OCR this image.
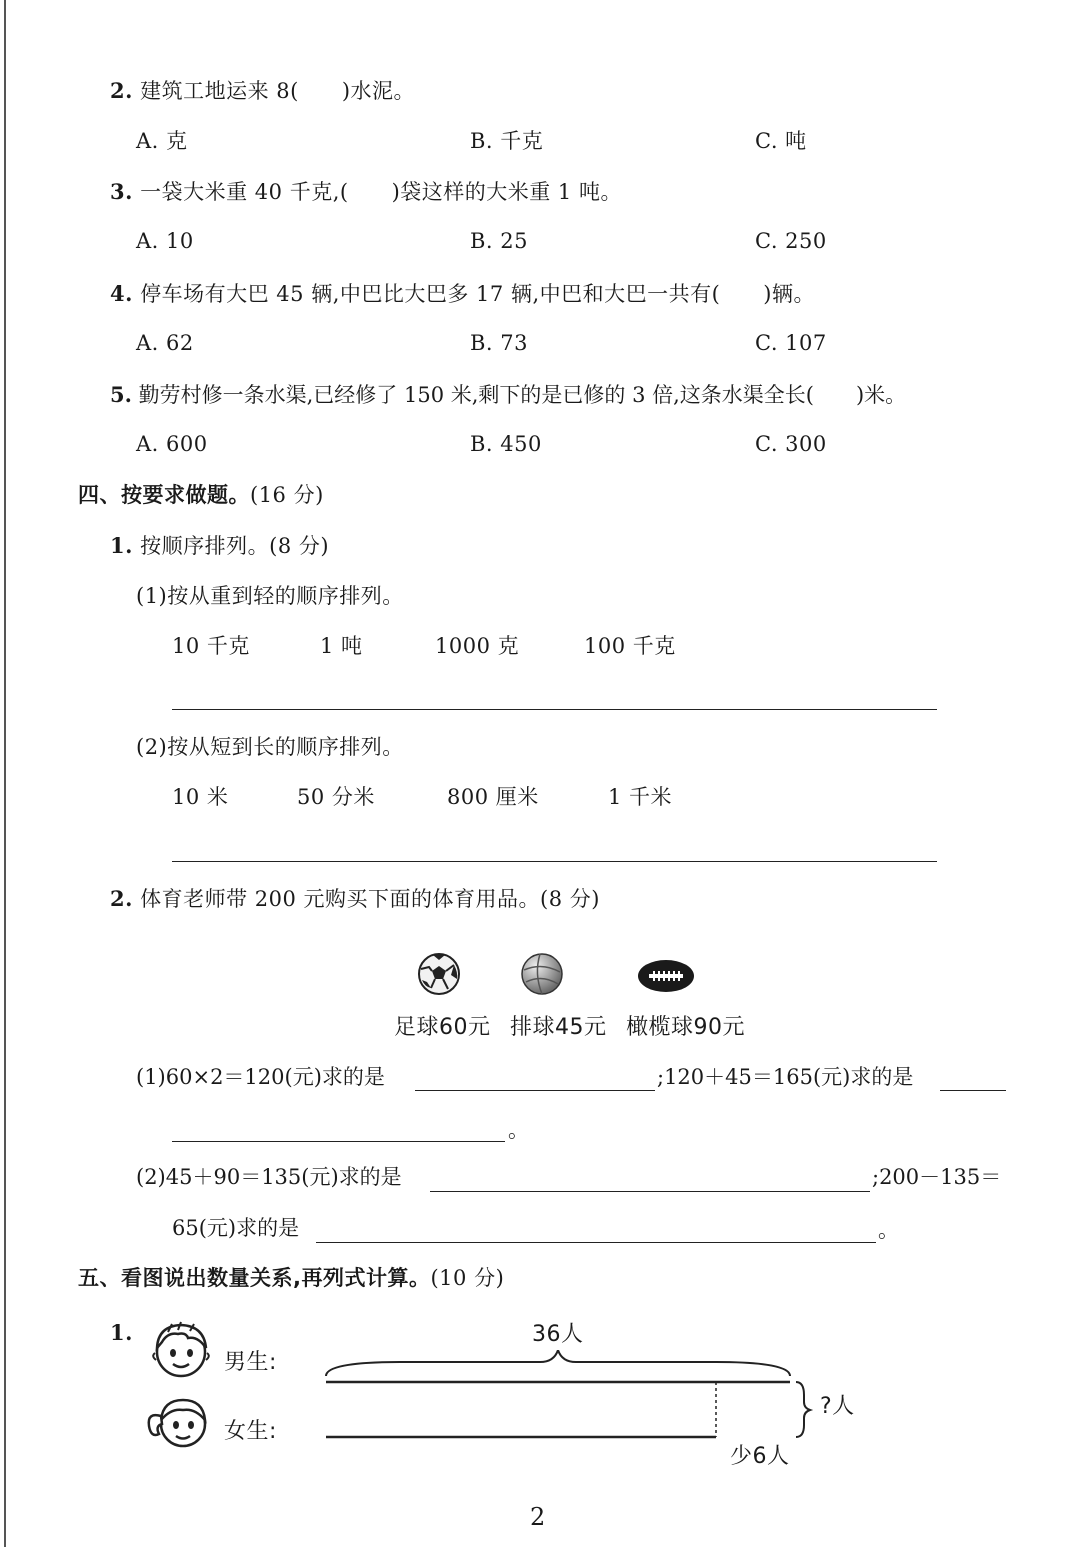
2. 建筑工地运来 8(　　)水泥。
A. 克	B. 千克	C. 吨
3. 一袋大米重 40 千克,(　　)袋这样的大米重 1 吨。
A. 10	B. 25	C. 250
4. 停车场有大巴 45 辆,中巴比大巴多 17 辆,中巴和大巴一共有(　　)辆。
A. 62	B. 73	C. 107
5. 勤劳村修一条水渠,已经修了 150 米,剩下的是已修的 3 倍,这条水渠全长(　　)米。
A. 600	B. 450	C. 300
四、按要求做题。(16 分)
1. 按顺序排列。(8 分)
(1)按从重到轻的顺序排列。
10 千克	1 吨	1000 克	100 千克
(2)按从短到长的顺序排列。
10 米	50 分米	800 厘米	1 千米
2. 体育老师带 200 元购买下面的体育用品。(8 分)
足球60元 排球45元 橄榄球90元
(1)60×2＝120(元)求的是	;120＋45＝165(元)求的是
。
(2)45＋90＝135(元)求的是	;200－135＝
65(元)求的是	。
五、看图说出数量关系,再列式计算。(10 分)
1.
男生:
女生:
36人
?人
少6人
2
